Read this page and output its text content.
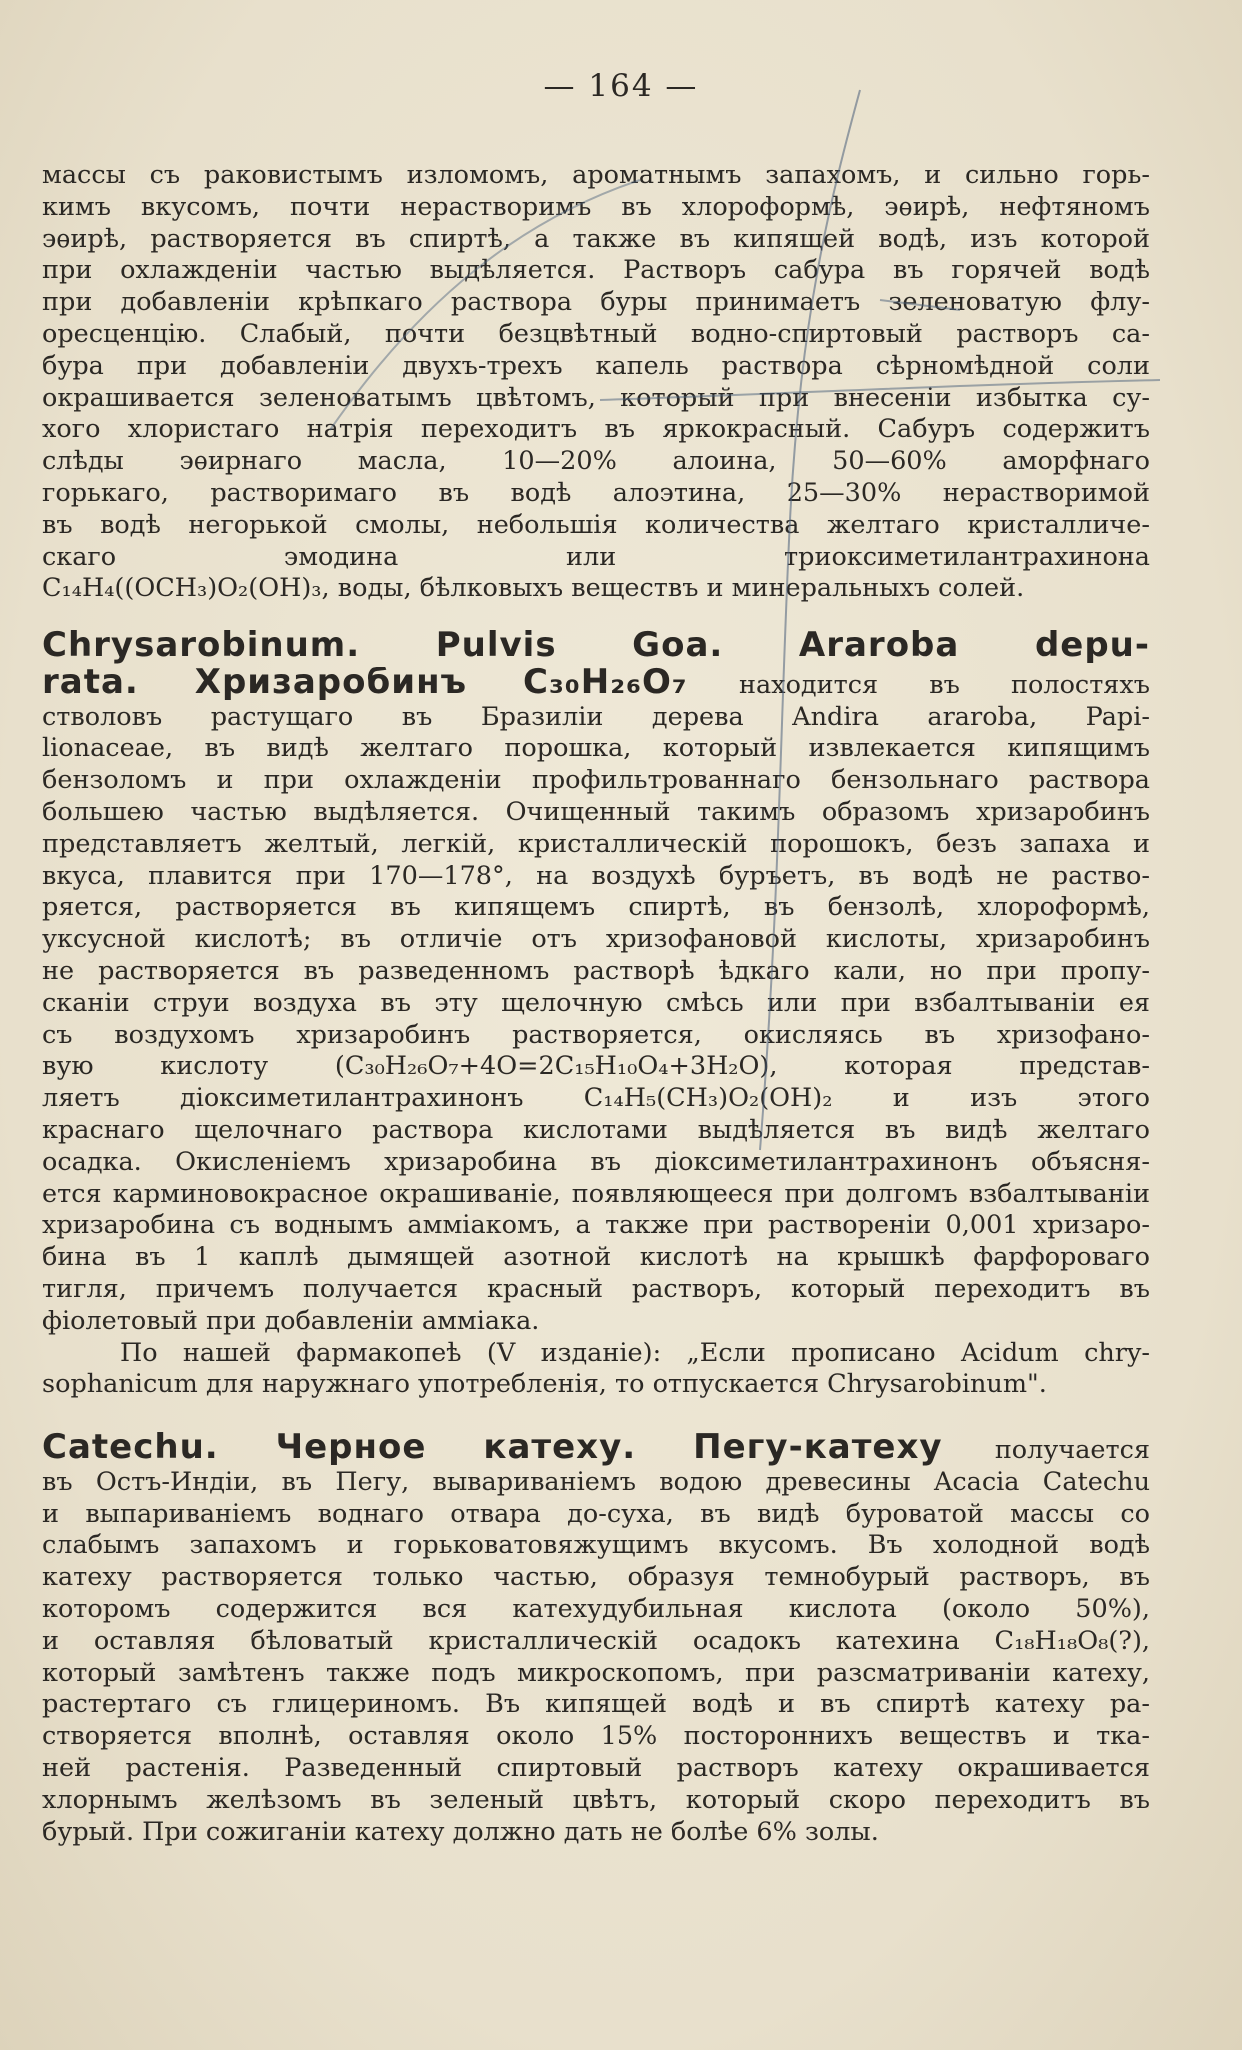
— 164 —
массы съ раковистымъ изломомъ, ароматнымъ запахомъ, и сильно горь-
кимъ вкусомъ, почти нерастворимъ въ хлороформѣ, эѳирѣ, нефтяномъ
эѳирѣ, растворяется въ спиртѣ, а также въ кипящей водѣ, изъ которой
при охлажденіи частью выдѣляется. Растворъ сабура въ горячей водѣ
при добавленіи крѣпкаго раствора буры принимаетъ зеленоватую флу-
оресценцію. Слабый, почти безцвѣтный водно-спиртовый растворъ са-
бура при добавленіи двухъ-трехъ капель раствора сѣрномѣдной соли
окрашивается зеленоватымъ цвѣтомъ, который при внесеніи избытка су-
хого хлористаго натрія переходитъ въ яркокрасный. Сабуръ содержитъ
слѣды эѳирнаго масла, 10—20% алоина, 50—60% аморфнаго
горькаго, растворимаго въ водѣ алоэтина, 25—30% нерастворимой
въ водѣ негорькой смолы, небольшія количества желтаго кристалличе-
скаго эмодина или триоксиметилантрахинона
C₁₄H₄((OCH₃)O₂(OH)₃, воды, бѣлковыхъ веществъ и минеральныхъ солей.
Chrysarobinum. Pulvis Goa. Araroba depu-
rata. Хризаробинъ C₃₀H₂₆O₇ находится въ полостяхъ
стволовъ растущаго въ Бразиліи дерева Andira araroba, Papi-
lionaceae, въ видѣ желтаго порошка, который извлекается кипящимъ
бензоломъ и при охлажденіи профильтрованнаго бензольнаго раствора
большею частью выдѣляется. Очищенный такимъ образомъ хризаробинъ
представляетъ желтый, легкій, кристаллическій порошокъ, безъ запаха и
вкуса, плавится при 170—178°, на воздухѣ буръетъ, въ водѣ не раство-
ряется, растворяется въ кипящемъ спиртѣ, въ бензолѣ, хлороформѣ,
уксусной кислотѣ; въ отличіе отъ хризофановой кислоты, хризаробинъ
не растворяется въ разведенномъ растворѣ ѣдкаго кали, но при пропу-
сканіи струи воздуха въ эту щелочную смѣсь или при взбалтываніи ея
съ воздухомъ хризаробинъ растворяется, окисляясь въ хризофано-
вую кислоту (C₃₀H₂₆O₇+4O=2C₁₅H₁₀O₄+3H₂O), которая представ-
ляетъ діоксиметилантрахинонъ C₁₄H₅(CH₃)O₂(OH)₂ и изъ этого
краснаго щелочнаго раствора кислотами выдѣляется въ видѣ желтаго
осадка. Окисленіемъ хризаробина въ діоксиметилантрахинонъ объясня-
ется карминовокрасное окрашиваніе, появляющееся при долгомъ взбалтываніи
хризаробина съ воднымъ амміакомъ, а также при раствореніи 0,001 хризаро-
бина въ 1 каплѣ дымящей азотной кислотѣ на крышкѣ фарфороваго
тигля, причемъ получается красный растворъ, который переходитъ въ
фіолетовый при добавленіи амміака.
По нашей фармакопеѣ (V изданіе): „Если прописано Acidum chry-
sophanicum для наружнаго употребленія, то отпускается Chrysarobinum".
Catechu. Черное катеху. Пегу-катеху получается
въ Остъ-Индіи, въ Пегу, вывариваніемъ водою древесины Acacia Catechu
и выпариваніемъ воднаго отвара до-суха, въ видѣ буроватой массы со
слабымъ запахомъ и горьковатовяжущимъ вкусомъ. Въ холодной водѣ
катеху растворяется только частью, образуя темнобурый растворъ, въ
которомъ содержится вся катехудубильная кислота (около 50%),
и оставляя бѣловатый кристаллическій осадокъ катехина C₁₈H₁₈O₈(?),
который замѣтенъ также подъ микроскопомъ, при разсматриваніи катеху,
растертаго съ глицериномъ. Въ кипящей водѣ и въ спиртѣ катеху ра-
створяется вполнѣ, оставляя около 15% постороннихъ веществъ и тка-
ней растенія. Разведенный спиртовый растворъ катеху окрашивается
хлорнымъ желѣзомъ въ зеленый цвѣтъ, который скоро переходитъ въ
бурый. При сожиганіи катеху должно дать не болѣе 6% золы.
